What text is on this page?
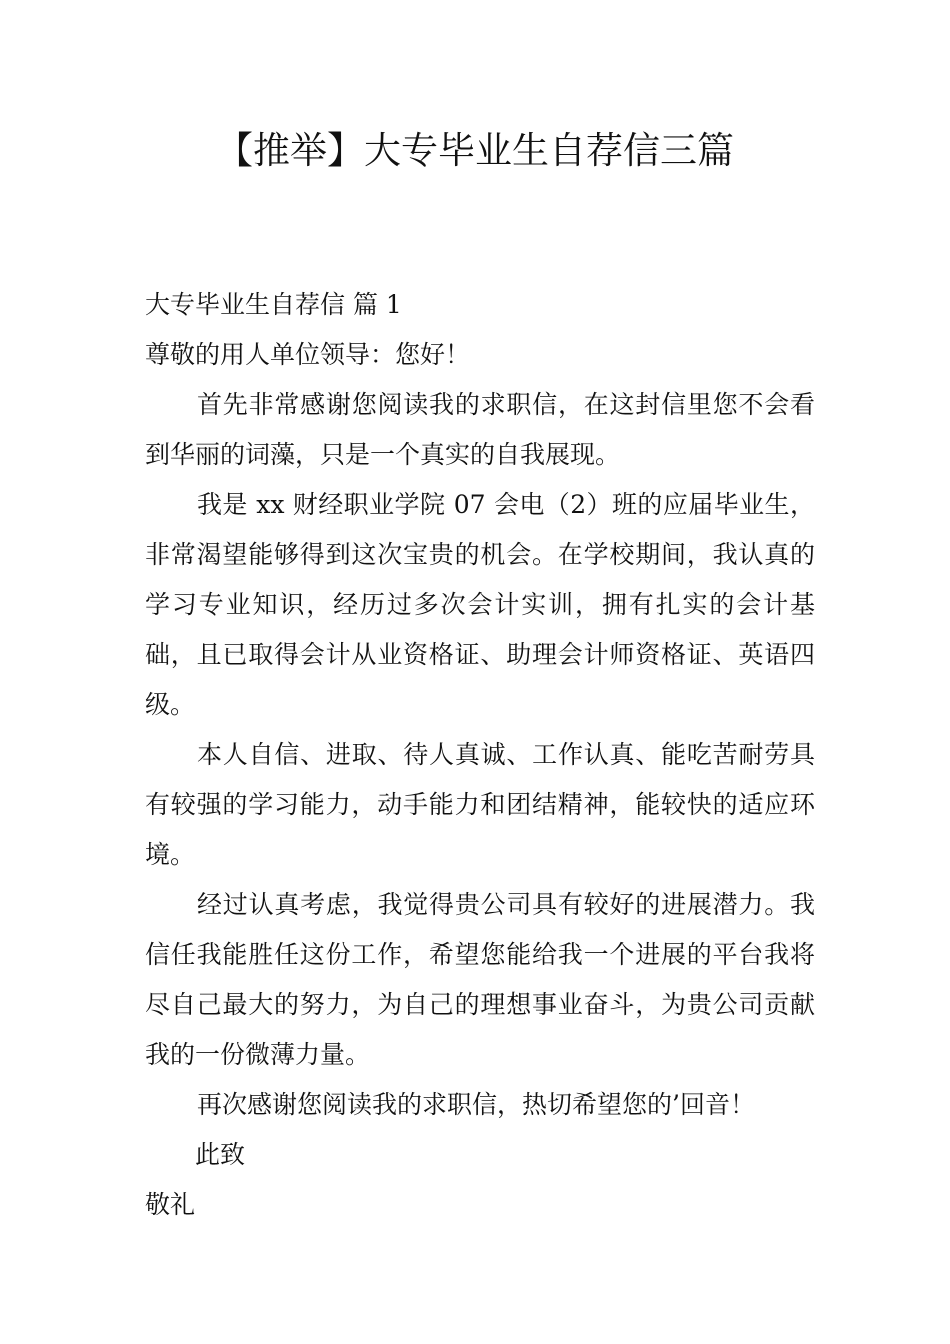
【推举】大专毕业生自荐信三篇

大专毕业生自荐信 篇 1

尊敬的用人单位领导：您好！

首先非常感谢您阅读我的求职信，在这封信里您不会看到华丽的词藻，只是一个真实的自我展现。

我是 xx 财经职业学院 07 会电（2）班的应届毕业生，非常渴望能够得到这次宝贵的机会。在学校期间，我认真的学习专业知识，经历过多次会计实训，拥有扎实的会计基础，且已取得会计从业资格证、助理会计师资格证、英语四级。

本人自信、进取、待人真诚、工作认真、能吃苦耐劳具有较强的学习能力，动手能力和团结精神，能较快的适应环境。

经过认真考虑，我觉得贵公司具有较好的进展潜力。我信任我能胜任这份工作，希望您能给我一个进展的平台我将尽自己最大的努力，为自己的理想事业奋斗，为贵公司贡献我的一份微薄力量。

再次感谢您阅读我的求职信，热切希望您的’回音！

此致

敬礼
